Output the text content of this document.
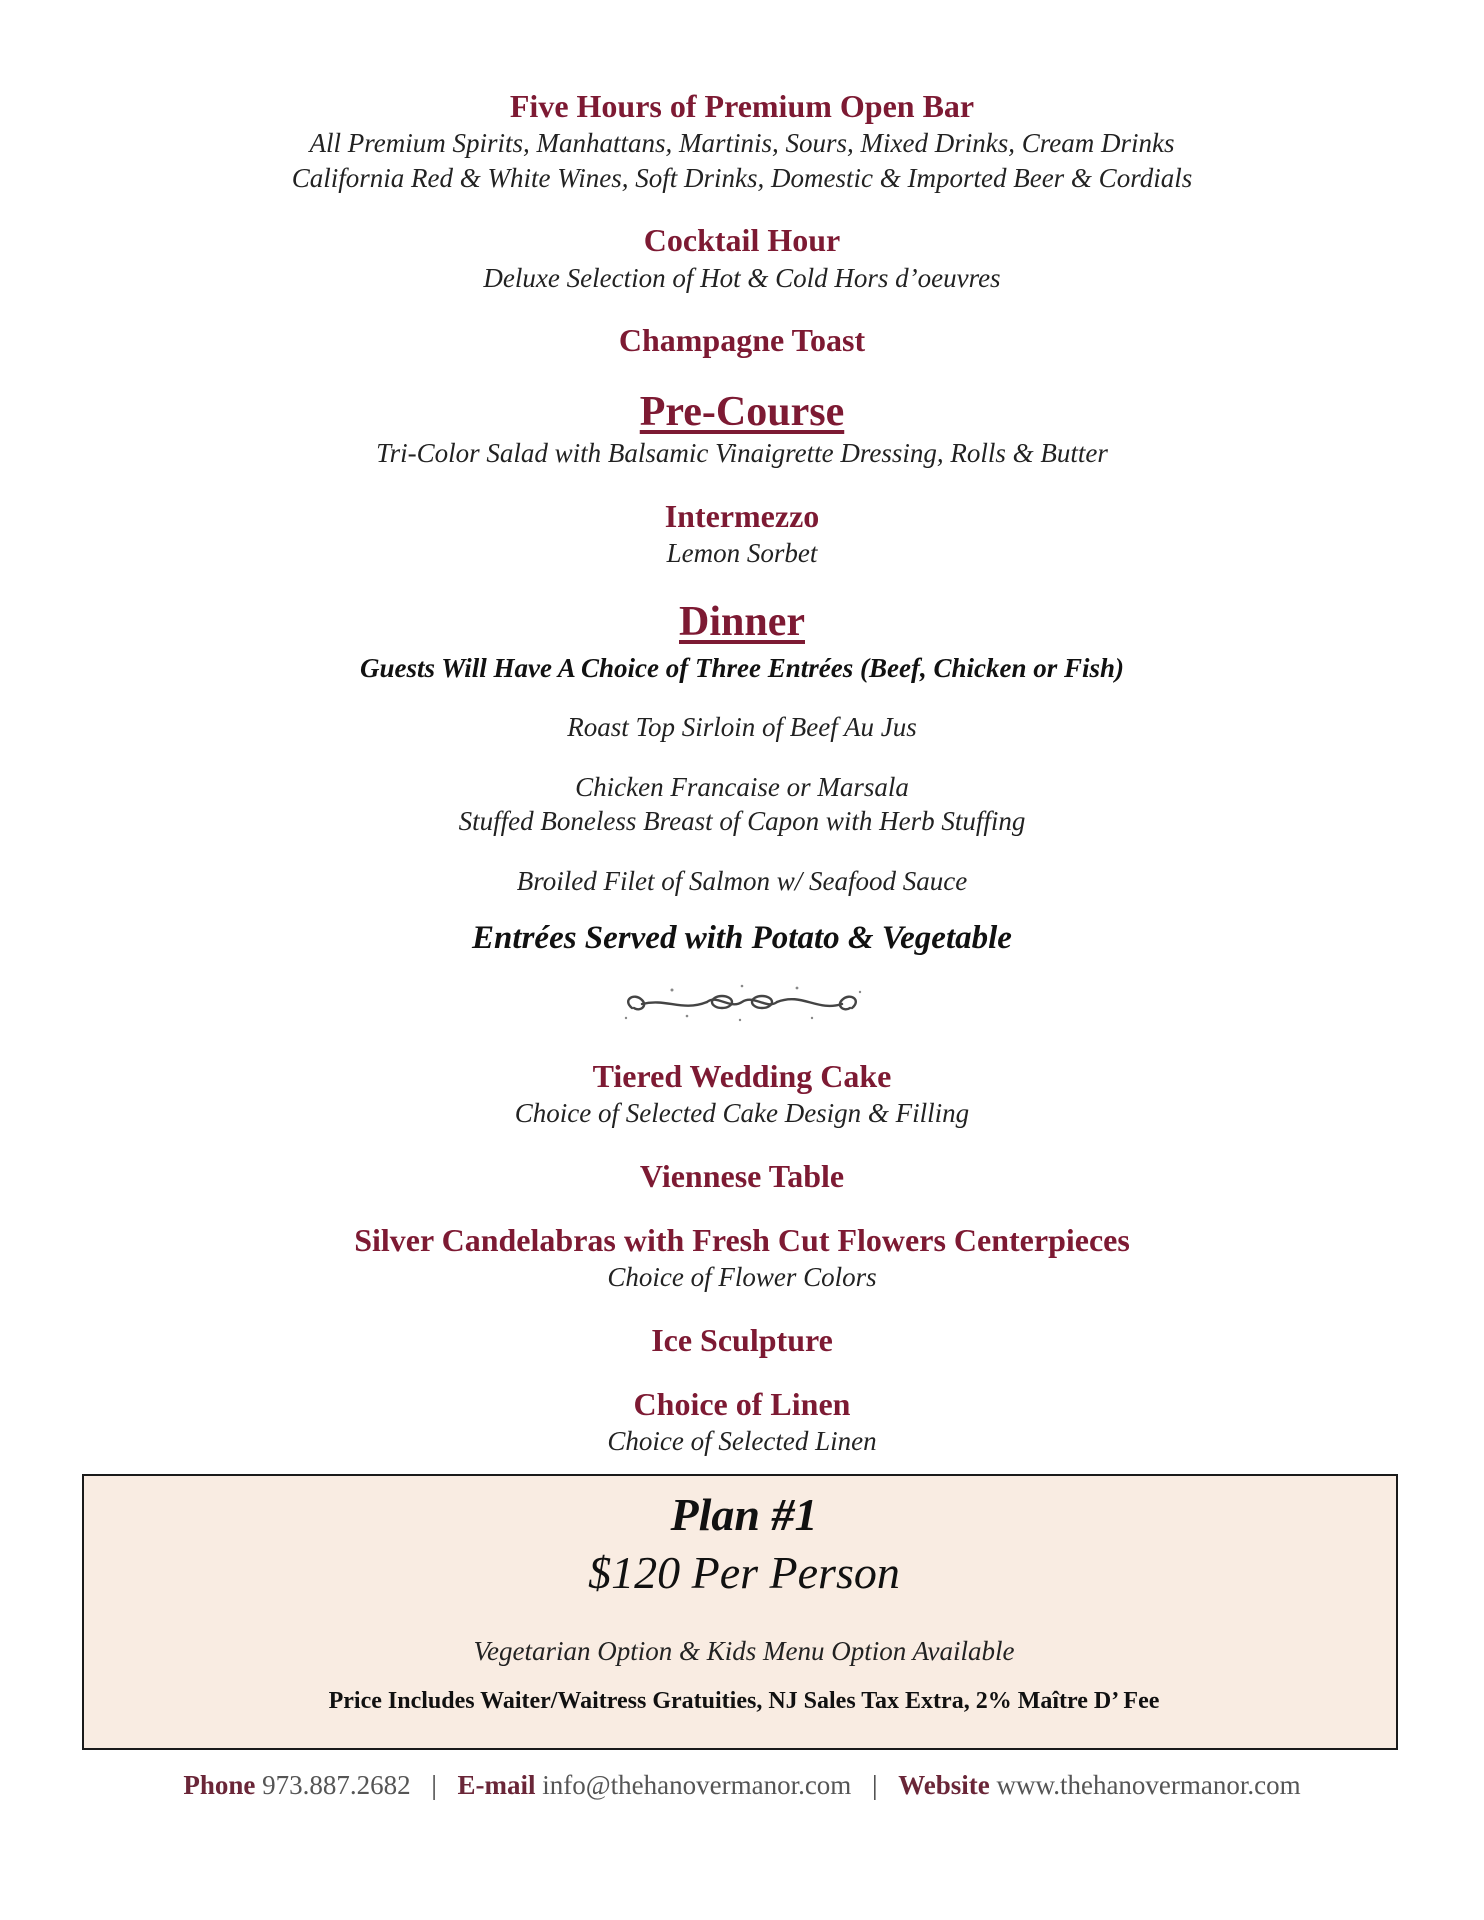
Five Hours of Premium Open Bar
All Premium Spirits, Manhattans, Martinis, Sours, Mixed Drinks, Cream Drinks
California Red & White Wines, Soft Drinks, Domestic & Imported Beer & Cordials
Cocktail Hour
Deluxe Selection of Hot & Cold Hors d’oeuvres
Champagne Toast
Pre-Course
Tri-Color Salad with Balsamic Vinaigrette Dressing, Rolls & Butter
Intermezzo
Lemon Sorbet
Dinner
Guests Will Have A Choice of Three Entrées (Beef, Chicken or Fish)
Roast Top Sirloin of Beef Au Jus
Chicken Francaise or Marsala
Stuffed Boneless Breast of Capon with Herb Stuffing
Broiled Filet of Salmon w/ Seafood Sauce
Entrées Served with Potato & Vegetable
Tiered Wedding Cake
Choice of Selected Cake Design & Filling
Viennese Table
Silver Candelabras with Fresh Cut Flowers Centerpieces
Choice of Flower Colors
Ice Sculpture
Choice of Linen
Choice of Selected Linen
Plan #1
$120 Per Person
Vegetarian Option & Kids Menu Option Available
Price Includes Waiter/Waitress Gratuities, NJ Sales Tax Extra, 2% Maître D’ Fee
Phone 973.887.2682 | E-mail info@thehanovermanor.com | Website www.thehanovermanor.com
